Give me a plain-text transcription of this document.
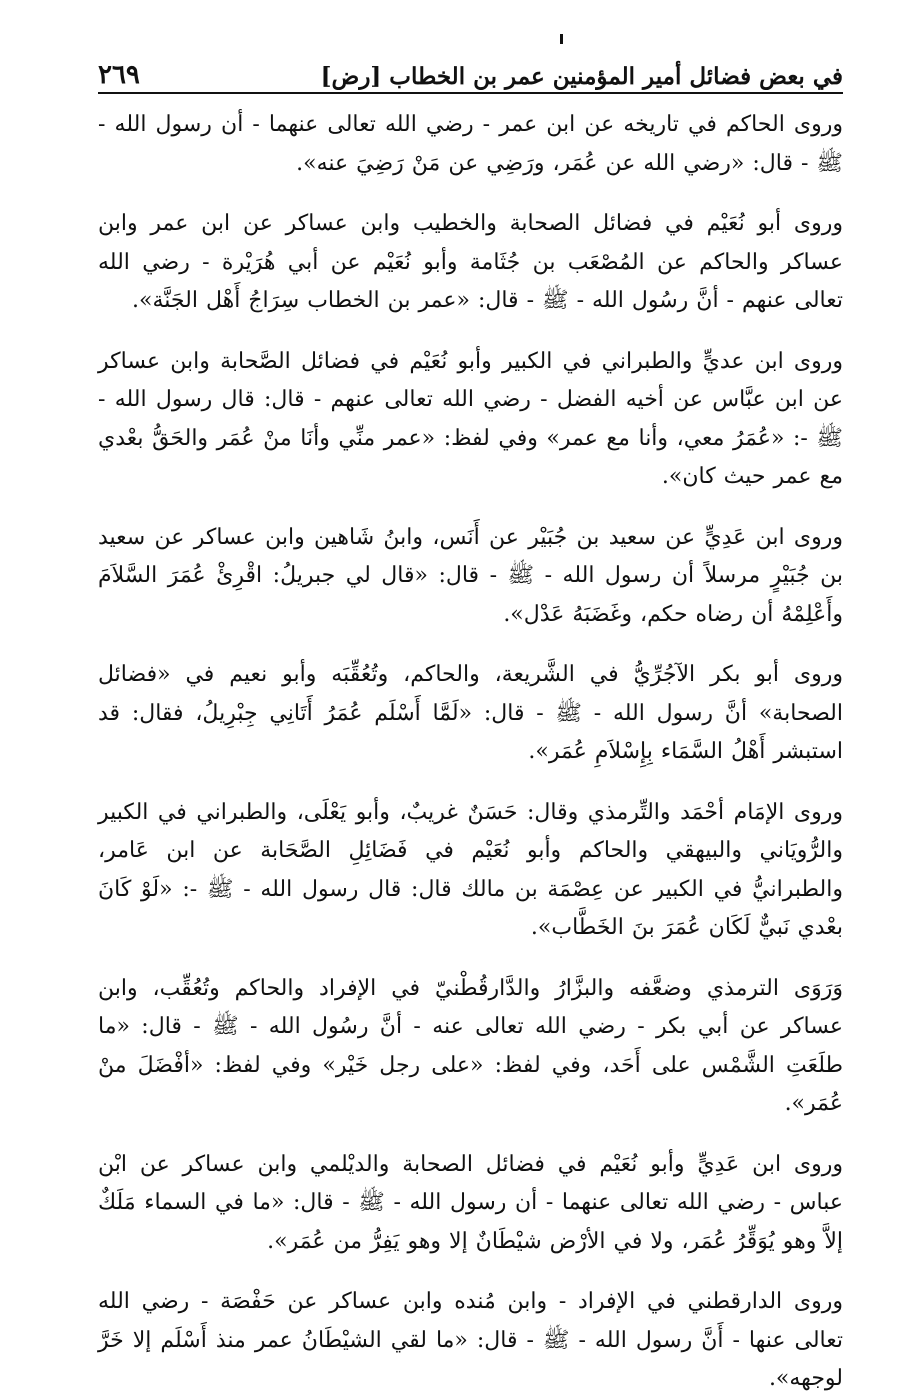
في بعض فضائل أمير المؤمنين عمر بن الخطاب [رض]
٢٦٩

وروى الحاكم في تاريخه عن ابن عمر - رضي الله تعالى عنهما - أن رسول الله - ﷺ - قال: «رضي الله عن عُمَر، ورَضِي عن مَنْ رَضِيَ عنه».

وروى أبو نُعَيْم في فضائل الصحابة والخطيب وابن عساكر عن ابن عمر وابن عساكر والحاكم عن المُصْعَب بن جُثَامة وأبو نُعَيْم عن أبي هُرَيْرة - رضي الله تعالى عنهم - أنَّ رسُول الله - ﷺ - قال: «عمر بن الخطاب سِرَاجُ أَهْل الجَنَّة».

وروى ابن عديٍّ والطبراني في الكبير وأبو نُعَيْم في فضائل الصَّحابة وابن عساكر عن ابن عبَّاس عن أخيه الفضل - رضي الله تعالى عنهم - قال: قال رسول الله - ﷺ -: «عُمَرُ معي، وأنا مع عمر» وفي لفظ: «عمر منِّي وأنَا منْ عُمَر والحَقُّ بعْدي مع عمر حيث كان».

وروى ابن عَدِيٍّ عن سعيد بن جُبَيْر عن أَنَس، وابنُ شَاهين وابن عساكر عن سعيد بن جُبَيْرٍ مرسلاً أن رسول الله - ﷺ - قال: «قال لي جبريلُ: اقْرِئْ عُمَرَ السَّلاَمَ وأَعْلِمْهُ أن رضاه حكم، وغَضَبَهُ عَدْل».

وروى أبو بكر الآجُرِّيُّ في الشَّريعة، والحاكم، وتُعُقِّبَه وأبو نعيم في «فضائل الصحابة» أنَّ رسول الله - ﷺ - قال: «لَمَّا أَسْلَم عُمَرُ أَتَانِي جِبْرِيلُ، فقال: قد استبشر أَهْلُ السَّمَاء بِإِسْلاَمِ عُمَر».

وروى الإمَام أحْمَد والتِّرمذي وقال: حَسَنٌ غريبٌ، وأبو يَعْلَى، والطبراني في الكبير والرُّويَاني والبيهقي والحاكم وأبو نُعَيْم في فَضَائِلِ الصَّحَابة عن ابن عَامر، والطبرانيُّ في الكبير عن عِصْمَة بن مالك قال: قال رسول الله - ﷺ -: «لَوْ كَانَ بعْدي نَبيٌّ لَكَان عُمَرَ بنَ الخَطَّاب».

وَرَوَى الترمذي وضعَّفه والبزَّارُ والدَّارقُطْنيّ في الإفراد والحاكم وتُعُقِّب، وابن عساكر عن أبي بكر - رضي الله تعالى عنه - أنَّ رسُول الله - ﷺ - قال: «ما طلَعَتِ الشَّمْس على أَحَد، وفي لفظ: «على رجل خَيْر» وفي لفظ: «أفْضَلَ منْ عُمَر».

وروى ابن عَدِيٍّ وأبو نُعَيْم في فضائل الصحابة والديْلمي وابن عساكر عن ابْن عباس - رضي الله تعالى عنهما - أن رسول الله - ﷺ - قال: «ما في السماء مَلَكٌ إلاَّ وهو يُوَقِّرُ عُمَر، ولا في الأرْض شيْطَانٌ إلا وهو يَفِرُّ من عُمَر».

وروى الدارقطني في الإفراد - وابن مُنده وابن عساكر عن حَفْصَة - رضي الله تعالى عنها - أَنَّ رسول الله - ﷺ - قال: «ما لقي الشيْطَانُ عمر منذ أَسْلَم إلا خَرَّ لوجهه».
